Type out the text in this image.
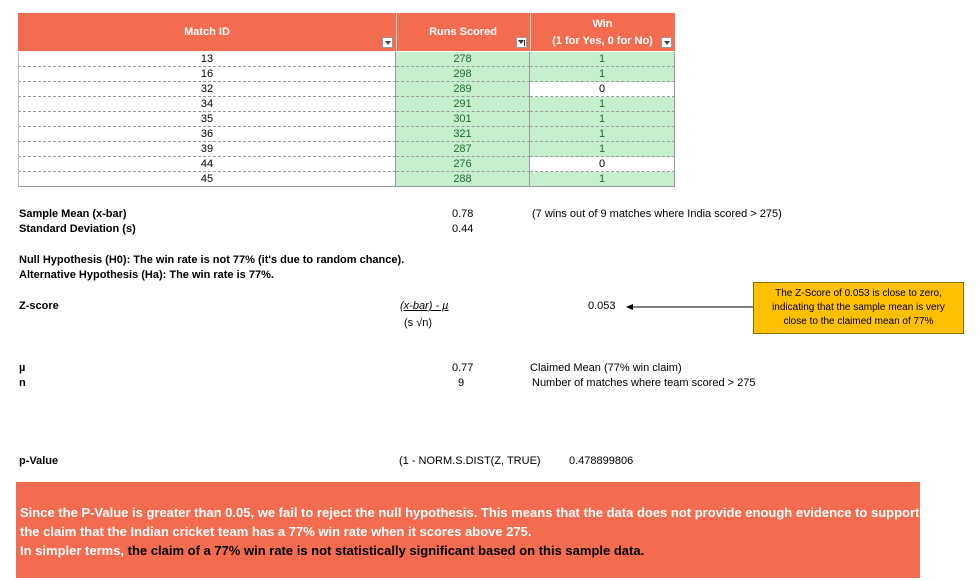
Match ID	Runs Scored
Win
(1 for Yes, 0 for No)
13	278	1
16	298	1
32	289	0
34	291	1
35	301	1
36	321	1
39	287	1
44	276	0
45	288	1
Sample Mean (x-bar)	0.78	(7 wins out of 9 matches where India scored > 275)
Standard Deviation (s)	0.44
Null Hypothesis (H0): The win rate is not 77% (it's due to random chance).
Alternative Hypothesis (Ha): The win rate is 77%.
Z-score	(x-bar) - µ
(s √n)
0.053
The Z-Score of 0.053 is close to zero,
indicating that the sample mean is very
close to the claimed mean of 77%
µ	0.77	Claimed Mean (77% win claim)
n	9	Number of matches where team scored > 275
p-Value	(1 - NORM.S.DIST(Z, TRUE)	0.478899806
Since the P-Value is greater than 0.05, we fail to reject the null hypothesis. This means that the data does not provide enough evidence to support
the claim that the Indian cricket team has a 77% win rate when it scores above 275.
In simpler terms, the claim of a 77% win rate is not statistically significant based on this sample data.
